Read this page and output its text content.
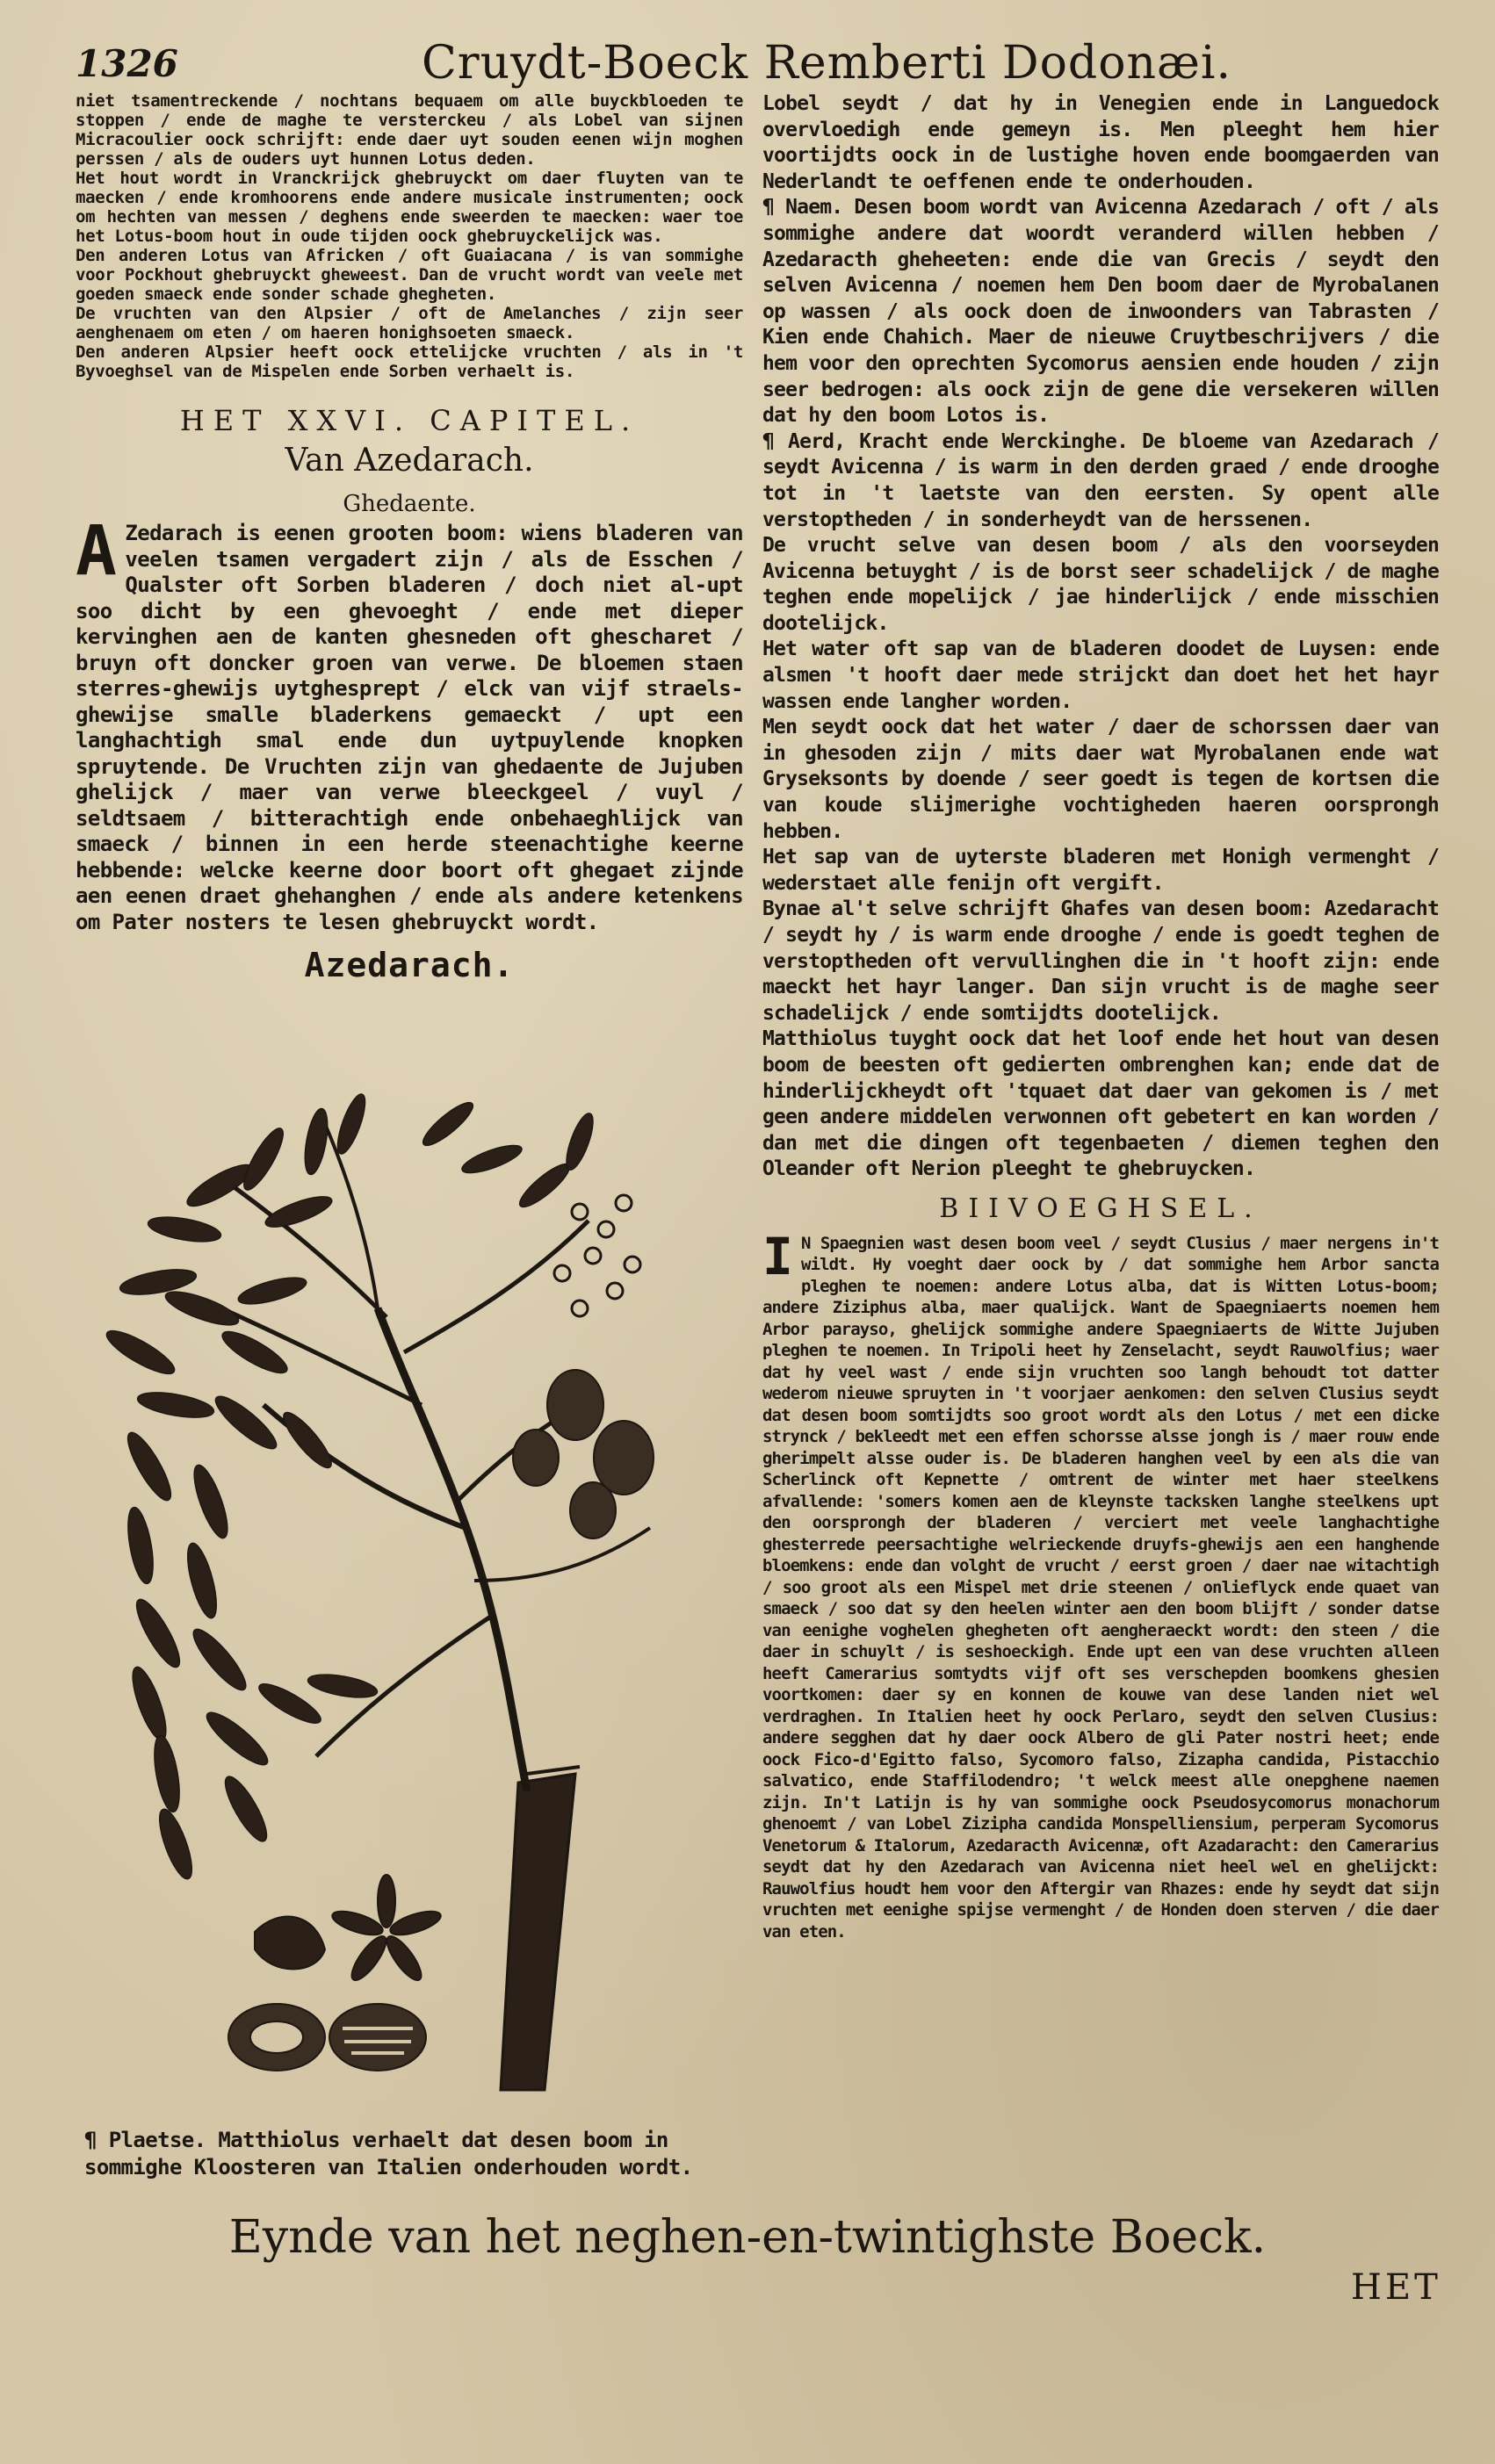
1326	Cruydt-Boeck Remberti Dodonæi.

niet tsamentreckende / nochtans bequaem om alle buyckbloeden te stoppen / ende de maghe te versterckeu / als Lobel van sijnen Micracoulier oock schrijft: ende daer uyt souden eenen wijn moghen perssen / als de ouders uyt hunnen Lotus deden.

Het hout wordt in Vranckrijck ghebruyckt om daer fluyten van te maecken / ende kromhoorens ende andere musicale instrumenten; oock om hechten van messen / deghens ende sweerden te maecken: waer toe het Lotus-boom hout in oude tijden oock ghebruyckelijck was.

Den anderen Lotus van Africken / oft Guaiacana / is van sommighe voor Pockhout ghebruyckt gheweest. Dan de vrucht wordt van veele met goeden smaeck ende sonder schade ghegheten.

De vruchten van den Alpsier / oft de Amelanches / zijn seer aenghenaem om eten / om haeren honighsoeten smaeck.

Den anderen Alpsier heeft oock ettelijcke vruchten / als in 't Byvoeghsel van de Mispelen ende Sorben verhaelt is.

HET XXVI. CAPITEL.
Van Azedarach.
Ghedaente.

A Zedarach is eenen grooten boom: wiens bladeren van veelen tsamen vergadert zijn / als de Esschen / Qualster oft Sorben bladeren / doch niet al-upt soo dicht by een ghevoeght / ende met dieper kervinghen aen de kanten ghesneden oft ghescharet / bruyn oft doncker groen van verwe. De bloemen staen sterres-ghewijs uytghesprept / elck van vijf straels-ghewijse smalle bladerkens gemaeckt / upt een langhachtigh smal ende dun uytpuylende knopken spruytende. De Vruchten zijn van ghedaente de Jujuben ghelijck / maer van verwe bleeckgeel / vuyl / seldtsaem / bitterachtigh ende onbehaeghlijck van smaeck / binnen in een herde steenachtighe keerne hebbende: welcke keerne door boort oft ghegaet zijnde aen eenen draet ghehanghen / ende als andere ketenkens om Pater nosters te lesen ghebruyckt wordt.

Azedarach.
¶ Plaetse. Matthiolus verhaelt dat desen boom in sommighe Kloosteren van Italien onderhouden wordt.

Lobel seydt / dat hy in Venegien ende in Languedock overvloedigh ende gemeyn is. Men pleeght hem hier voortijdts oock in de lustighe hoven ende boomgaerden van Nederlandt te oeffenen ende te onderhouden.

¶ Naem. Desen boom wordt van Avicenna Azedarach / oft / als sommighe andere dat woordt veranderd willen hebben / Azedaracth gheheeten: ende die van Grecis / seydt den selven Avicenna / noemen hem Den boom daer de Myrobalanen op wassen / als oock doen de inwoonders van Tabrasten / Kien ende Chahich. Maer de nieuwe Cruytbeschrijvers / die hem voor den oprechten Sycomorus aensien ende houden / zijn seer bedrogen: als oock zijn de gene die versekeren willen dat hy den boom Lotos is.

¶ Aerd, Kracht ende Werckinghe. De bloeme van Azedarach / seydt Avicenna / is warm in den derden graed / ende drooghe tot in 't laetste van den eersten. Sy opent alle verstoptheden / in sonderheydt van de herssenen.

De vrucht selve van desen boom / als den voorseyden Avicenna betuyght / is de borst seer schadelijck / de maghe teghen ende mopelijck / jae hinderlijck / ende misschien dootelijck.

Het water oft sap van de bladeren doodet de Luysen: ende alsmen 't hooft daer mede strijckt dan doet het het hayr wassen ende langher worden.

Men seydt oock dat het water / daer de schorssen daer van in ghesoden zijn / mits daer wat Myrobalanen ende wat Gryseksonts by doende / seer goedt is tegen de kortsen die van koude slijmerighe vochtigheden haeren oorsprongh hebben.

Het sap van de uyterste bladeren met Honigh vermenght / wederstaet alle fenijn oft vergift.

Bynae al't selve schrijft Ghafes van desen boom: Azedaracht / seydt hy / is warm ende drooghe / ende is goedt teghen de verstoptheden oft vervullinghen die in 't hooft zijn: ende maeckt het hayr langer. Dan sijn vrucht is de maghe seer schadelijck / ende somtijdts dootelijck.

Matthiolus tuyght oock dat het loof ende het hout van desen boom de beesten oft gedierten ombrenghen kan; ende dat de hinderlijckheydt oft 'tquaet dat daer van gekomen is / met geen andere middelen verwonnen oft gebetert en kan worden / dan met die dingen oft tegenbaeten / diemen teghen den Oleander oft Nerion pleeght te ghebruycken.

BIIVOEGHSEL.

I N Spaegnien wast desen boom veel / seydt Clusius / maer nergens in't wildt. Hy voeght daer oock by / dat sommighe hem Arbor sancta pleghen te noemen: andere Lotus alba, dat is Witten Lotus-boom; andere Ziziphus alba, maer qualijck. Want de Spaegniaerts noemen hem Arbor parayso, ghelijck sommighe andere Spaegniaerts de Witte Jujuben pleghen te noemen. In Tripoli heet hy Zenselacht, seydt Rauwolfius; waer dat hy veel wast / ende sijn vruchten soo langh behoudt tot datter wederom nieuwe spruyten in 't voorjaer aenkomen: den selven Clusius seydt dat desen boom somtijdts soo groot wordt als den Lotus / met een dicke strynck / bekleedt met een effen schorsse alsse jongh is / maer rouw ende gherimpelt alsse ouder is. De bladeren hanghen veel by een als die van Scherlinck oft Kepnette / omtrent de winter met haer steelkens afvallende: 'somers komen aen de kleynste tacksken langhe steelkens upt den oorsprongh der bladeren / verciert met veele langhachtighe ghesterrede peersachtighe welrieckende druyfs-ghewijs aen een hanghende bloemkens: ende dan volght de vrucht / eerst groen / daer nae witachtigh / soo groot als een Mispel met drie steenen / onlieflyck ende quaet van smaeck / soo dat sy den heelen winter aen den boom blijft / sonder datse van eenighe voghelen ghegheten oft aengheraeckt wordt: den steen / die daer in schuylt / is seshoeckigh. Ende upt een van dese vruchten alleen heeft Camerarius somtydts vijf oft ses verschepden boomkens ghesien voortkomen: daer sy en konnen de kouwe van dese landen niet wel verdraghen. In Italien heet hy oock Perlaro, seydt den selven Clusius: andere segghen dat hy daer oock Albero de gli Pater nostri heet; ende oock Fico-d'Egitto falso, Sycomoro falso, Zizapha candida, Pistacchio salvatico, ende Staffilodendro; 't welck meest alle onepghene naemen zijn. In't Latijn is hy van sommighe oock Pseudosycomorus monachorum ghenoemt / van Lobel Zizipha candida Monspelliensium, perperam Sycomorus Venetorum & Italorum, Azedaracth Avicennæ, oft Azadaracht: den Camerarius seydt dat hy den Azedarach van Avicenna niet heel wel en ghelijckt: Rauwolfius houdt hem voor den Aftergir van Rhazes: ende hy seydt dat sijn vruchten met eenighe spijse vermenght / de Honden doen sterven / die daer van eten.

Eynde van het neghen-en-twintighste Boeck.
HET
